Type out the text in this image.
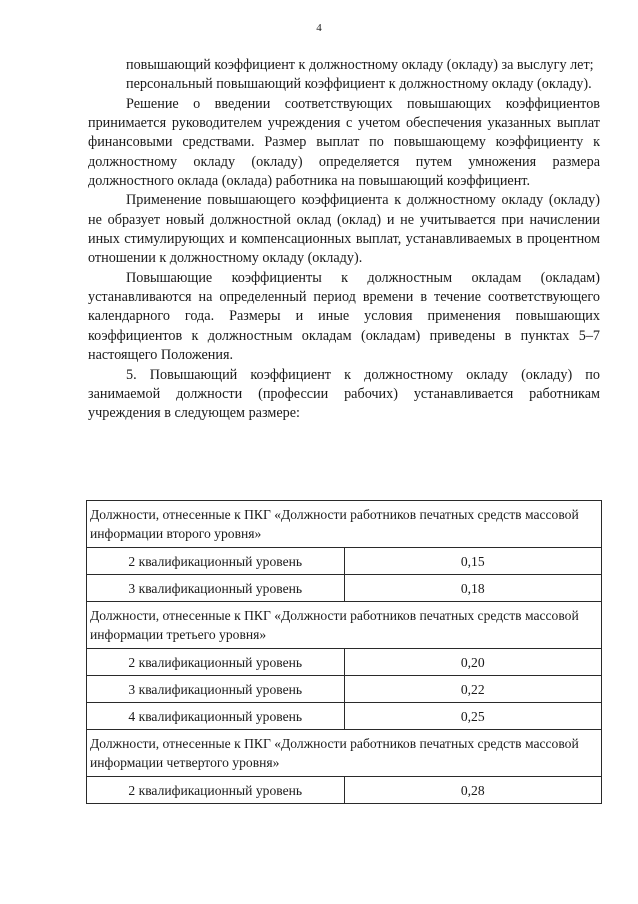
4

повышающий коэффициент к должностному окладу (окладу) за выслугу лет;

персональный повышающий коэффициент к должностному окладу (окладу).

Решение о введении соответствующих повышающих коэффициентов принимается руководителем учреждения с учетом обеспечения указанных выплат финансовыми средствами. Размер выплат по повышающему коэффициенту к должностному окладу (окладу) определяется путем умножения размера должностного оклада (оклада) работника на повышающий коэффициент.

Применение повышающего коэффициента к должностному окладу (окладу) не образует новый должностной оклад (оклад) и не учитывается при начислении иных стимулирующих и компенсационных выплат, устанавливаемых в процентном отношении к должностному окладу (окладу).

Повышающие коэффициенты к должностным окладам (окладам) устанавливаются на определенный период времени в течение соответствующего календарного года. Размеры и иные условия применения повышающих коэффициентов к должностным окладам (окладам) приведены в пунктах 5–7 настоящего Положения.

5. Повышающий коэффициент к должностному окладу (окладу) по занимаемой должности (профессии рабочих) устанавливается работникам учреждения в следующем размере:

Должности, отнесенные к ПКГ «Должности работников печатных средств массовой информации второго уровня»	
2 квалификационный уровень	0,15
3 квалификационный уровень	0,18
Должности, отнесенные к ПКГ «Должности работников печатных средств массовой информации третьего уровня»	
2 квалификационный уровень	0,20
3 квалификационный уровень	0,22
4 квалификационный уровень	0,25
Должности, отнесенные к ПКГ «Должности работников печатных средств массовой информации четвертого уровня»	
2 квалификационный уровень	0,28
